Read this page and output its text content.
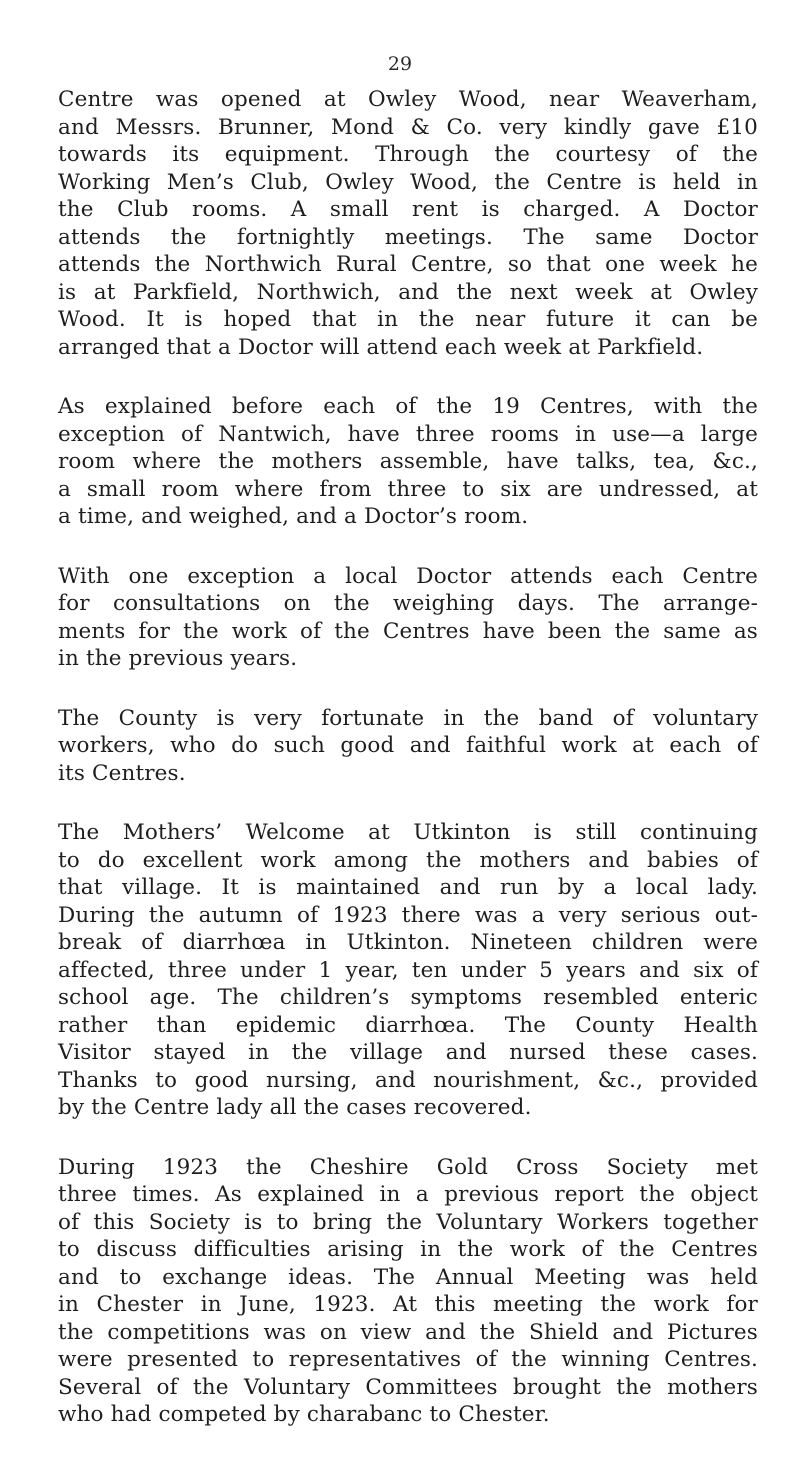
29

Centre was opened at Owley Wood, near Weaverham,
and Messrs. Brunner, Mond & Co. very kindly gave £10
towards its equipment. Through the courtesy of the
Working Men’s Club, Owley Wood, the Centre is held in
the Club rooms. A small rent is charged. A Doctor
attends the fortnightly meetings. The same Doctor
attends the Northwich Rural Centre, so that one week he
is at Parkfield, Northwich, and the next week at Owley
Wood. It is hoped that in the near future it can be
arranged that a Doctor will attend each week at Parkfield.

As explained before each of the 19 Centres, with the
exception of Nantwich, have three rooms in use—a large
room where the mothers assemble, have talks, tea, &c.,
a small room where from three to six are undressed, at
a time, and weighed, and a Doctor’s room.

With one exception a local Doctor attends each Centre
for consultations on the weighing days. The arrange-
ments for the work of the Centres have been the same as
in the previous years.

The County is very fortunate in the band of voluntary
workers, who do such good and faithful work at each of
its Centres.

The Mothers’ Welcome at Utkinton is still continuing
to do excellent work among the mothers and babies of
that village. It is maintained and run by a local lady.
During the autumn of 1923 there was a very serious out-
break of diarrhœa in Utkinton. Nineteen children were
affected, three under 1 year, ten under 5 years and six of
school age. The children’s symptoms resembled enteric
rather than epidemic diarrhœa. The County Health
Visitor stayed in the village and nursed these cases.
Thanks to good nursing, and nourishment, &c., provided
by the Centre lady all the cases recovered.

During 1923 the Cheshire Gold Cross Society met
three times. As explained in a previous report the object
of this Society is to bring the Voluntary Workers together
to discuss difficulties arising in the work of the Centres
and to exchange ideas. The Annual Meeting was held
in Chester in June, 1923. At this meeting the work for
the competitions was on view and the Shield and Pictures
were presented to representatives of the winning Centres.
Several of the Voluntary Committees brought the mothers
who had competed by charabanc to Chester.
